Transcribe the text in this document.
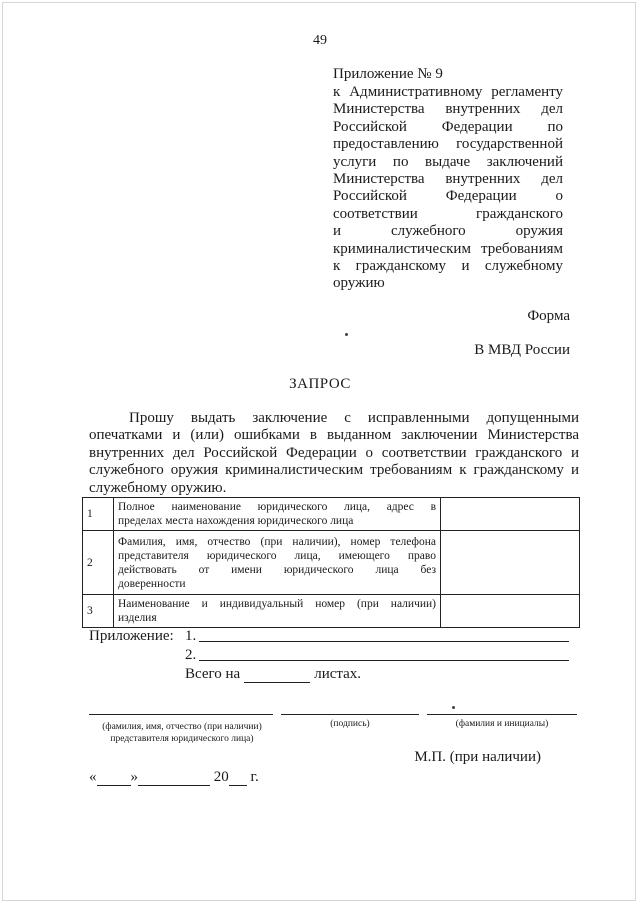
49
Приложение № 9
к Административному регламенту
Министерства внутренних дел
Российской Федерации по
предоставлению государственной
услуги по выдаче заключений
Министерства внутренних дел
Российской Федерации о
соответствии гражданского
и служебного оружия
криминалистическим требованиям
к гражданскому и служебному
оружию
Форма
В МВД России
ЗАПРОС
Прошу выдать заключение с исправленными допущенными
опечатками и (или) ошибками в выданном заключении Министерства
внутренних дел Российской Федерации о соответствии гражданского и
служебного оружия криминалистическим требованиям к гражданскому и
служебному оружию.
1	Полное наименование юридического лица, адрес в
пределах места нахождения юридического лица	

2	Фамилия, имя, отчество (при наличии), номер телефона
представителя юридического лица, имеющего право
действовать от имени юридического лица без
доверенности	

3	Наименование и индивидуальный номер (при наличии)
изделия	

Приложение: 1.
2.
Всего на	листах.
(фамилия, имя, отчество (при наличии)
представителя юридического лица)
(подпись)	(фамилия и инициалы)
М.П. (при наличии)
« »	20 г.
